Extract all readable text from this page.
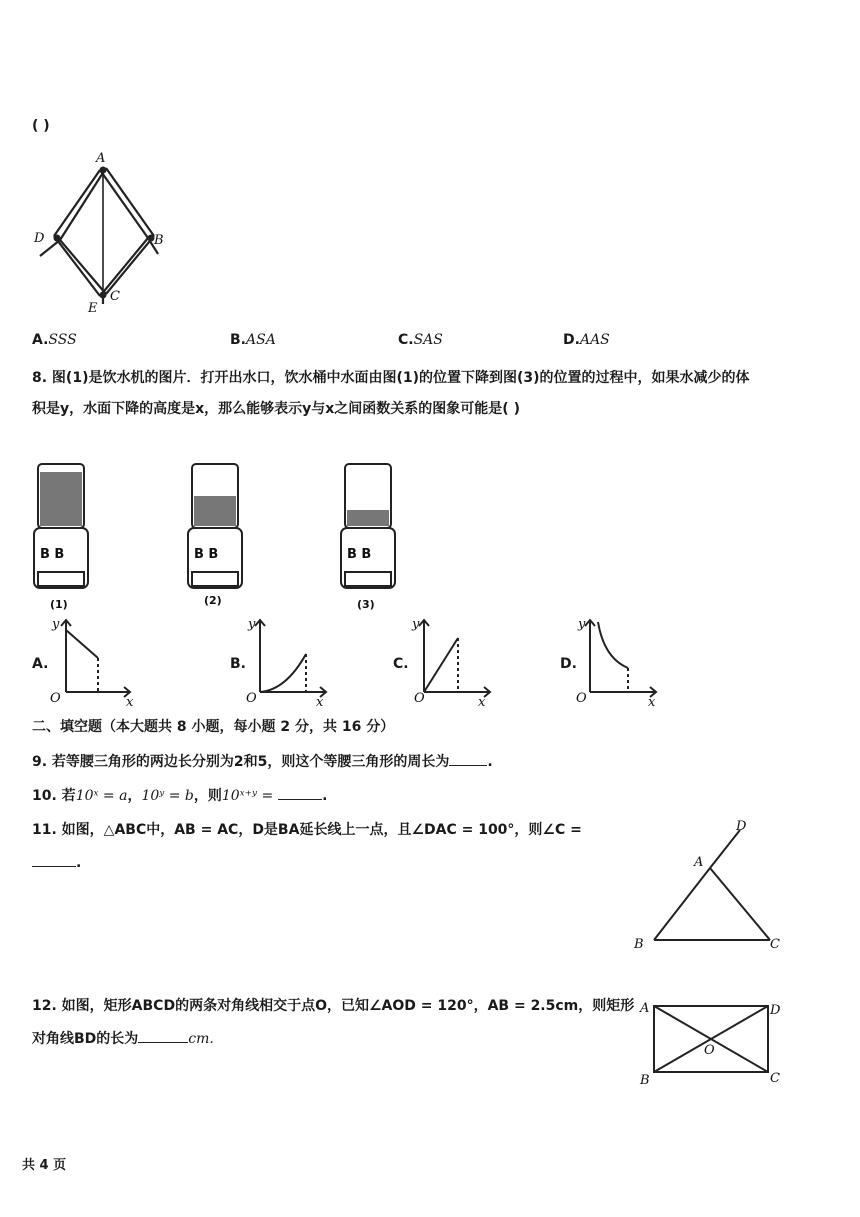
( )
A
D	B
C
E
A.SSS	B.ASA	C.SAS	D.AAS
8. 图(1)是饮水机的图片．打开出水口，饮水桶中水面由图(1)的位置下降到图(3)的位置的过程中，如果水减少的体
积是y，水面下降的高度是x，那么能够表示y与x之间函数关系的图象可能是( )
B B
(1)
B B
(2)
B B
(3)
A.
y
O	x
B.
y
O	x
C.
y
O	x
D.
y
O	x
二、填空题（本大题共 8 小题，每小题 2 分，共 16 分）
9. 若等腰三角形的两边长分别为2和5，则这个等腰三角形的周长为	.
10. 若10ˣ = a，10ʸ = b，则10ˣ⁺ʸ =	.
11. 如图，△ABC中，AB = AC，D是BA延长线上一点，且∠DAC = 100°，则∠C =
.	A
B	C
D
12. 如图，矩形ABCD的两条对角线相交于点O，已知∠AOD = 120°，AB = 2.5cm，则矩形
对角线BD的长为	cm.
A
B	C
D
O
共 4 页
